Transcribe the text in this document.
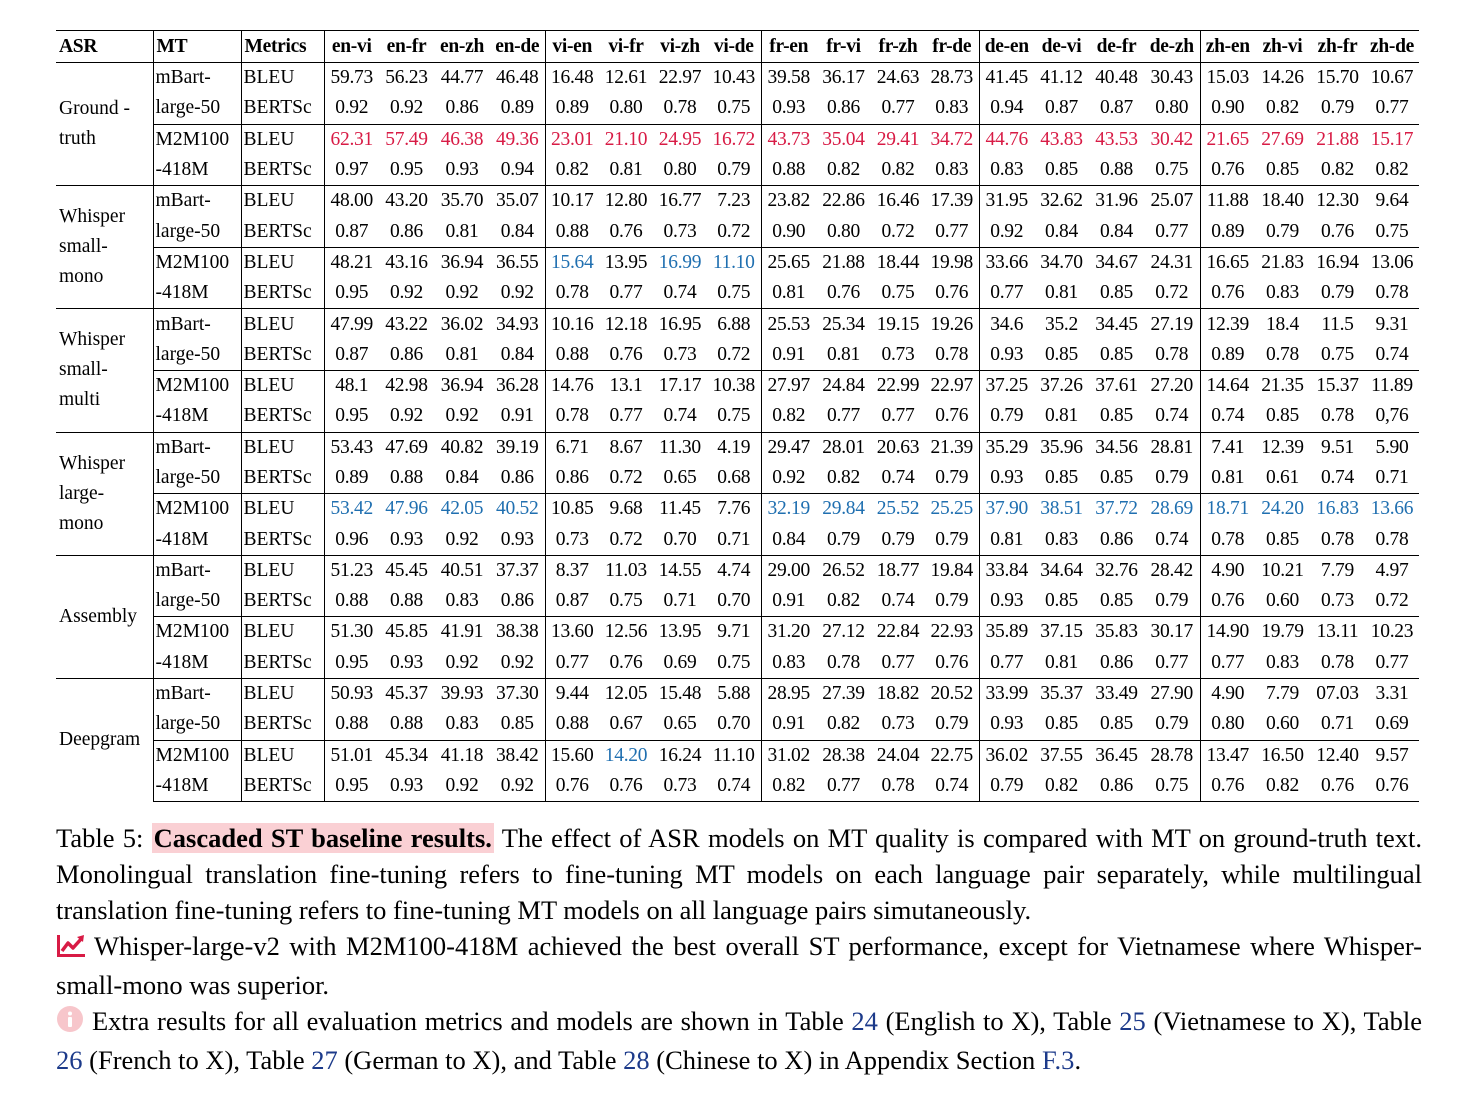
ASR	MT	Metrics	en-vi	en-fr	en-zh	en-de	vi-en	vi-fr	vi-zh	vi-de	fr-en	fr-vi	fr-zh	fr-de	de-en	de-vi	de-fr	de-zh	zh-en	zh-vi	zh-fr	zh-de
Ground -truth	mBart-	BLEU	59.73	56.23	44.77	46.48	16.48	12.61	22.97	10.43	39.58	36.17	24.63	28.73	41.45	41.12	40.48	30.43	15.03	14.26	15.70	10.67
	large-50	BERTSc	0.92	0.92	0.86	0.89	0.89	0.80	0.78	0.75	0.93	0.86	0.77	0.83	0.94	0.87	0.87	0.80	0.90	0.82	0.79	0.77
	M2M100	BLEU	62.31	57.49	46.38	49.36	23.01	21.10	24.95	16.72	43.73	35.04	29.41	34.72	44.76	43.83	43.53	30.42	21.65	27.69	21.88	15.17
	-418M	BERTSc	0.97	0.95	0.93	0.94	0.82	0.81	0.80	0.79	0.88	0.82	0.82	0.83	0.83	0.85	0.88	0.75	0.76	0.85	0.82	0.82
Whisper small- mono	mBart-	BLEU	48.00	43.20	35.70	35.07	10.17	12.80	16.77	7.23	23.82	22.86	16.46	17.39	31.95	32.62	31.96	25.07	11.88	18.40	12.30	9.64
	large-50	BERTSc	0.87	0.86	0.81	0.84	0.88	0.76	0.73	0.72	0.90	0.80	0.72	0.77	0.92	0.84	0.84	0.77	0.89	0.79	0.76	0.75
	M2M100	BLEU	48.21	43.16	36.94	36.55	15.64	13.95	16.99	11.10	25.65	21.88	18.44	19.98	33.66	34.70	34.67	24.31	16.65	21.83	16.94	13.06
	-418M	BERTSc	0.95	0.92	0.92	0.92	0.78	0.77	0.74	0.75	0.81	0.76	0.75	0.76	0.77	0.81	0.85	0.72	0.76	0.83	0.79	0.78
Whisper small- multi	mBart-	BLEU	47.99	43.22	36.02	34.93	10.16	12.18	16.95	6.88	25.53	25.34	19.15	19.26	34.6	35.2	34.45	27.19	12.39	18.4	11.5	9.31
	large-50	BERTSc	0.87	0.86	0.81	0.84	0.88	0.76	0.73	0.72	0.91	0.81	0.73	0.78	0.93	0.85	0.85	0.78	0.89	0.78	0.75	0.74
	M2M100	BLEU	48.1	42.98	36.94	36.28	14.76	13.1	17.17	10.38	27.97	24.84	22.99	22.97	37.25	37.26	37.61	27.20	14.64	21.35	15.37	11.89
	-418M	BERTSc	0.95	0.92	0.92	0.91	0.78	0.77	0.74	0.75	0.82	0.77	0.77	0.76	0.79	0.81	0.85	0.74	0.74	0.85	0.78	0,76
Whisper large- mono	mBart-	BLEU	53.43	47.69	40.82	39.19	6.71	8.67	11.30	4.19	29.47	28.01	20.63	21.39	35.29	35.96	34.56	28.81	7.41	12.39	9.51	5.90
	large-50	BERTSc	0.89	0.88	0.84	0.86	0.86	0.72	0.65	0.68	0.92	0.82	0.74	0.79	0.93	0.85	0.85	0.79	0.81	0.61	0.74	0.71
	M2M100	BLEU	53.42	47.96	42.05	40.52	10.85	9.68	11.45	7.76	32.19	29.84	25.52	25.25	37.90	38.51	37.72	28.69	18.71	24.20	16.83	13.66
	-418M	BERTSc	0.96	0.93	0.92	0.93	0.73	0.72	0.70	0.71	0.84	0.79	0.79	0.79	0.81	0.83	0.86	0.74	0.78	0.85	0.78	0.78
Assembly	mBart-	BLEU	51.23	45.45	40.51	37.37	8.37	11.03	14.55	4.74	29.00	26.52	18.77	19.84	33.84	34.64	32.76	28.42	4.90	10.21	7.79	4.97
	large-50	BERTSc	0.88	0.88	0.83	0.86	0.87	0.75	0.71	0.70	0.91	0.82	0.74	0.79	0.93	0.85	0.85	0.79	0.76	0.60	0.73	0.72
	M2M100	BLEU	51.30	45.85	41.91	38.38	13.60	12.56	13.95	9.71	31.20	27.12	22.84	22.93	35.89	37.15	35.83	30.17	14.90	19.79	13.11	10.23
	-418M	BERTSc	0.95	0.93	0.92	0.92	0.77	0.76	0.69	0.75	0.83	0.78	0.77	0.76	0.77	0.81	0.86	0.77	0.77	0.83	0.78	0.77
Deepgram	mBart-	BLEU	50.93	45.37	39.93	37.30	9.44	12.05	15.48	5.88	28.95	27.39	18.82	20.52	33.99	35.37	33.49	27.90	4.90	7.79	07.03	3.31
	large-50	BERTSc	0.88	0.88	0.83	0.85	0.88	0.67	0.65	0.70	0.91	0.82	0.73	0.79	0.93	0.85	0.85	0.79	0.80	0.60	0.71	0.69
	M2M100	BLEU	51.01	45.34	41.18	38.42	15.60	14.20	16.24	11.10	31.02	28.38	24.04	22.75	36.02	37.55	36.45	28.78	13.47	16.50	12.40	9.57
	-418M	BERTSc	0.95	0.93	0.92	0.92	0.76	0.76	0.73	0.74	0.82	0.77	0.78	0.74	0.79	0.82	0.86	0.75	0.76	0.82	0.76	0.76

Table 5: Cascaded ST baseline results. The effect of ASR models on MT quality is compared with MT on ground-truth text. Monolingual translation fine-tuning refers to fine-tuning MT models on each language pair separately, while multilingual translation fine-tuning refers to fine-tuning MT models on all language pairs simutaneously.

Whisper-large-v2 with M2M100-418M achieved the best overall ST performance, except for Vietnamese where Whisper-small-mono was superior.

Extra results for all evaluation metrics and models are shown in Table 24 (English to X), Table 25 (Vietnamese to X), Table 26 (French to X), Table 27 (German to X), and Table 28 (Chinese to X) in Appendix Section F.3.
